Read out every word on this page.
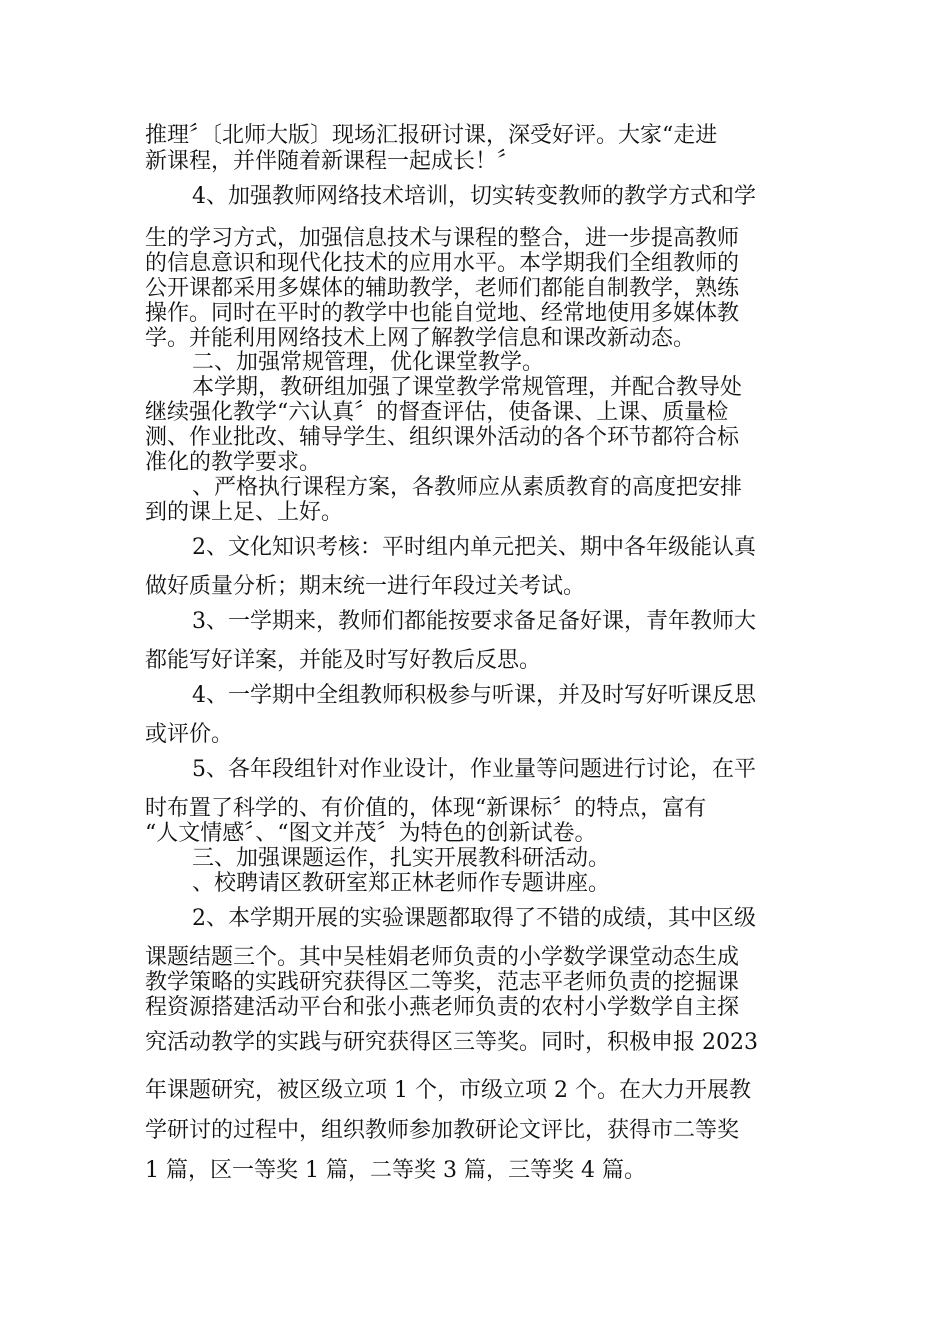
推理〞〔北师大版〕现场汇报研讨课，深受好评。大家“走进
新课程，并伴随着新课程一起成长！〞
4、加强教师网络技术培训，切实转变教师的教学方式和学
生的学习方式，加强信息技术与课程的整合，进一步提高教师
的信息意识和现代化技术的应用水平。本学期我们全组教师的
公开课都采用多媒体的辅助教学，老师们都能自制教学，熟练
操作。同时在平时的教学中也能自觉地、经常地使用多媒体教
学。并能利用网络技术上网了解教学信息和课改新动态。
二、加强常规管理，优化课堂教学。
本学期，教研组加强了课堂教学常规管理，并配合教导处
继续强化教学“六认真〞的督查评估，使备课、上课、质量检
测、作业批改、辅导学生、组织课外活动的各个环节都符合标
准化的教学要求。
、严格执行课程方案，各教师应从素质教育的高度把安排
到的课上足、上好。
2、文化知识考核：平时组内单元把关、期中各年级能认真
做好质量分析；期末统一进行年段过关考试。
3、一学期来，教师们都能按要求备足备好课，青年教师大
都能写好详案，并能及时写好教后反思。
4、一学期中全组教师积极参与听课，并及时写好听课反思
或评价。
5、各年段组针对作业设计，作业量等问题进行讨论，在平
时布置了科学的、有价值的，体现“新课标〞的特点，富有
“人文情感〞、“图文并茂〞为特色的创新试卷。
三、加强课题运作，扎实开展教科研活动。
、校聘请区教研室郑正林老师作专题讲座。
2、本学期开展的实验课题都取得了不错的成绩，其中区级
课题结题三个。其中吴桂娟老师负责的小学数学课堂动态生成
教学策略的实践研究获得区二等奖，范志平老师负责的挖掘课
程资源搭建活动平台和张小燕老师负责的农村小学数学自主探
究活动教学的实践与研究获得区三等奖。同时，积极申报 2023
年课题研究，被区级立项 1 个，市级立项 2 个。在大力开展教
学研讨的过程中，组织教师参加教研论文评比，获得市二等奖
1 篇，区一等奖 1 篇，二等奖 3 篇，三等奖 4 篇。
